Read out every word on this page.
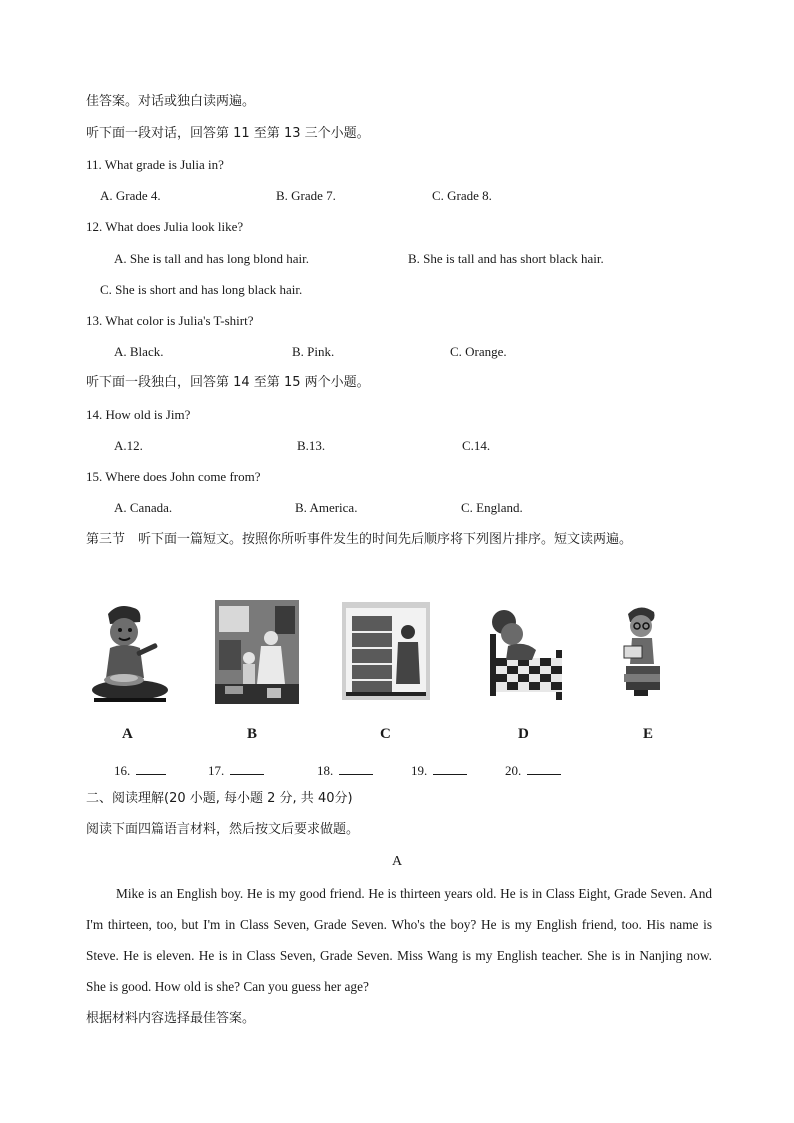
佳答案。对话或独白读两遍。
听下面一段对话，回答第 11 至第 13 三个小题。
11. What grade is Julia in?
A. Grade 4.	B. Grade 7.	C. Grade 8.
12. What does Julia look like?
A. She is tall and has long blond hair.	B. She is tall and has short black hair.
C. She is short and has long black hair.
13. What color is Julia's T-shirt?
A. Black.	B. Pink.	C. Orange.
听下面一段独白，回答第 14 至第 15 两个小题。
14. How old is Jim?
A.12.	B.13.	C.14.
15. Where does John come from?
A. Canada.	B. America.	C. England.
第三节　听下面一篇短文。按照你所听事件发生的时间先后顺序将下列图片排序。短文读两遍。
A	B	C	D	E
16.	17.	18.	19.	20.
二、阅读理解(20 小题, 每小题 2 分, 共 40分)
阅读下面四篇语言材料，然后按文后要求做题。
A

Mike is an English boy. He is my good friend. He is thirteen years old. He is in Class Eight, Grade Seven. And I'm thirteen, too, but I'm in Class Seven, Grade Seven. Who's the boy? He is my English friend, too. His name is Steve. He is eleven. He is in Class Seven, Grade Seven. Miss Wang is my English teacher. She is in Nanjing now. She is good. How old is she? Can you guess her age?

根据材料内容选择最佳答案。
